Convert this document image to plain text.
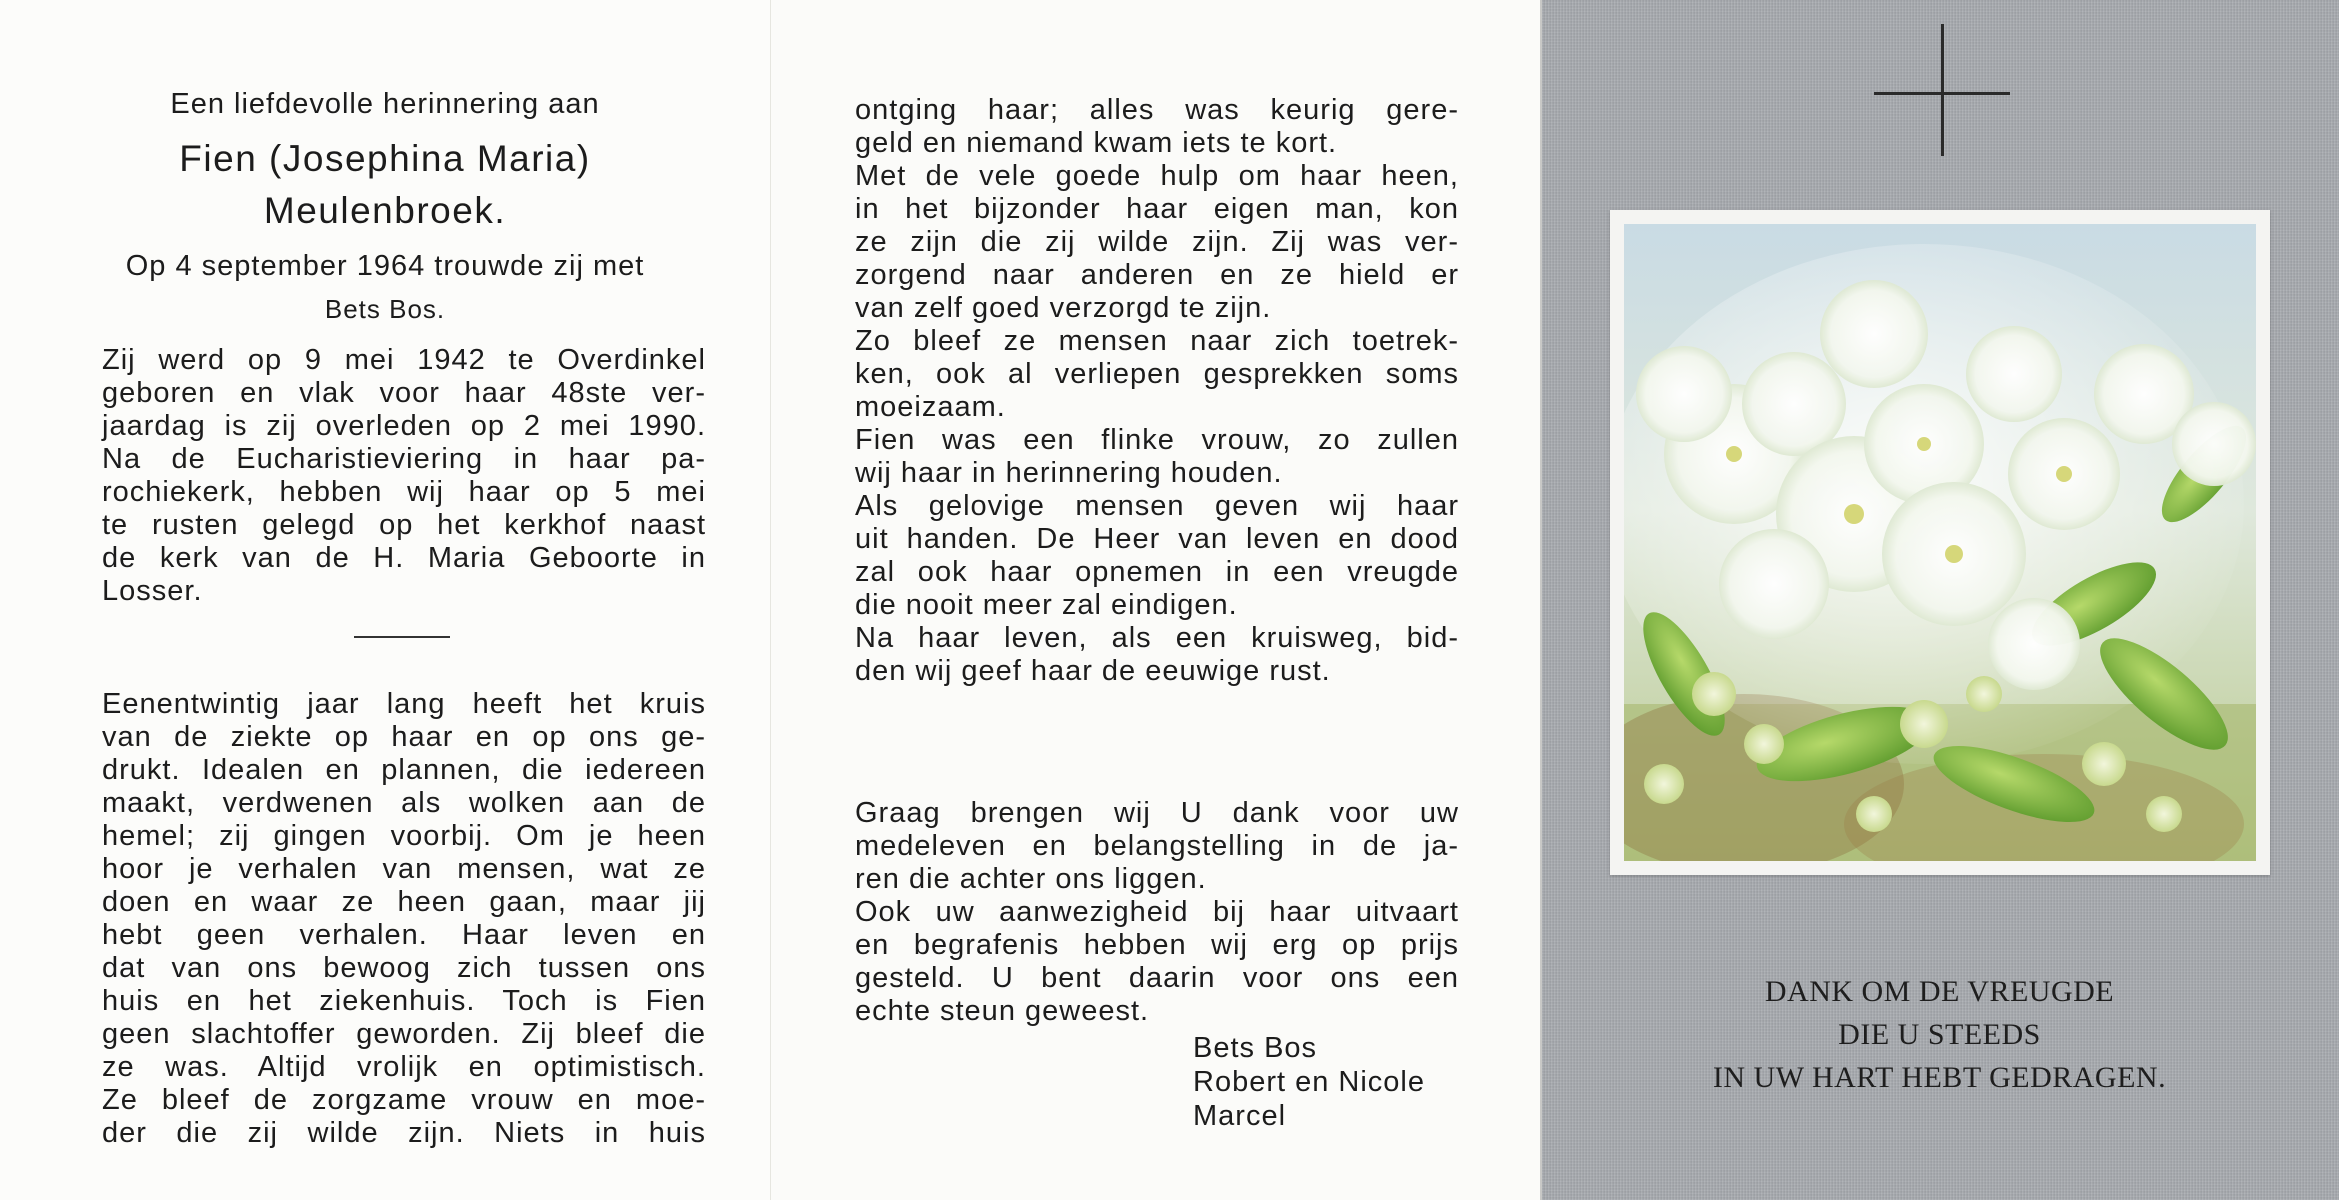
Een liefdevolle herinnering aan
Fien (Josephina Maria)
Meulenbroek.
Op 4 september 1964 trouwde zij met
Bets Bos.
Zij werd op 9 mei 1942 te Overdinkel
geboren en vlak voor haar 48ste ver-
jaardag is zij overleden op 2 mei 1990.
Na de Eucharistieviering in haar pa-
rochiekerk, hebben wij haar op 5 mei
te rusten gelegd op het kerkhof naast
de kerk van de H. Maria Geboorte in
Losser.
Eenentwintig jaar lang heeft het kruis
van de ziekte op haar en op ons ge-
drukt. Idealen en plannen, die iedereen
maakt, verdwenen als wolken aan de
hemel; zij gingen voorbij. Om je heen
hoor je verhalen van mensen, wat ze
doen en waar ze heen gaan, maar jij
hebt geen verhalen. Haar leven en
dat van ons bewoog zich tussen ons
huis en het ziekenhuis. Toch is Fien
geen slachtoffer geworden. Zij bleef die
ze was. Altijd vrolijk en optimistisch.
Ze bleef de zorgzame vrouw en moe-
der die zij wilde zijn. Niets in huis
ontging haar; alles was keurig gere-
geld en niemand kwam iets te kort.
Met de vele goede hulp om haar heen,
in het bijzonder haar eigen man, kon
ze zijn die zij wilde zijn. Zij was ver-
zorgend naar anderen en ze hield er
van zelf goed verzorgd te zijn.
Zo bleef ze mensen naar zich toetrek-
ken, ook al verliepen gesprekken soms
moeizaam.
Fien was een flinke vrouw, zo zullen
wij haar in herinnering houden.
Als gelovige mensen geven wij haar
uit handen. De Heer van leven en dood
zal ook haar opnemen in een vreugde
die nooit meer zal eindigen.
Na haar leven, als een kruisweg, bid-
den wij geef haar de eeuwige rust.
Graag brengen wij U dank voor uw
medeleven en belangstelling in de ja-
ren die achter ons liggen.
Ook uw aanwezigheid bij haar uitvaart
en begrafenis hebben wij erg op prijs
gesteld. U bent daarin voor ons een
echte steun geweest.
Bets Bos
Robert en Nicole
Marcel
DANK OM DE VREUGDE
DIE U STEEDS
IN UW HART HEBT GEDRAGEN.
